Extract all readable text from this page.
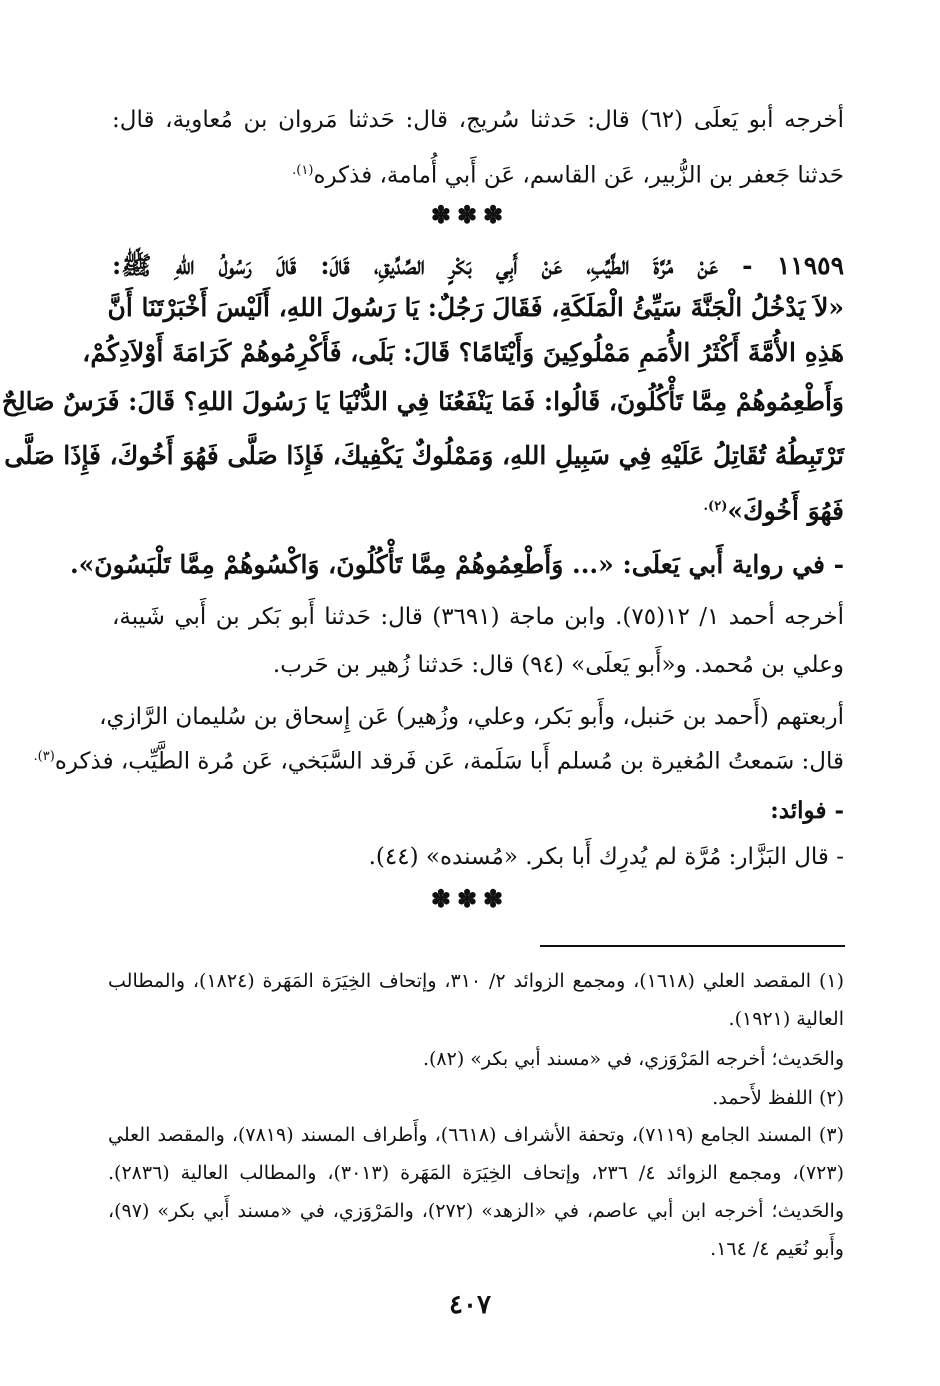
أخرجه أبو يَعلَى (٦٢) قال: حَدثنا سُريج، قال: حَدثنا مَروان بن مُعاوية، قال:
حَدثنا جَعفر بن الزُّبير، عَن القاسم، عَن أَبي أُمامة، فذكره$^{(١).}$
✽✽✽
١١٩٥٩ - عَنْ مُرَّةَ الطَّيِّبِ، عَنْ أَبِي بَكْرٍ الصِّدِّيقِ، قَالَ: قَالَ رَسُولُ اللهِ ﷺ:
«لاَ يَدْخُلُ الْجَنَّةَ سَيِّئُ الْمَلَكَةِ، فَقَالَ رَجُلٌ: يَا رَسُولَ اللهِ، أَلَيْسَ أَخْبَرْتَنَا أَنَّ
هَذِهِ الأُمَّةَ أَكْثَرُ الأُمَمِ مَمْلُوكِينَ وَأَيْتَامًا؟ قَالَ: بَلَى، فَأَكْرِمُوهُمْ كَرَامَةَ أَوْلاَدِكُمْ،
وَأَطْعِمُوهُمْ مِمَّا تَأْكُلُونَ، قَالُوا: فَمَا يَنْفَعُنَا فِي الدُّنْيَا يَا رَسُولَ اللهِ؟ قَالَ: فَرَسٌ صَالِحٌ
تَرْتَبِطُهُ تُقَاتِلُ عَلَيْهِ فِي سَبِيلِ اللهِ، وَمَمْلُوكٌ يَكْفِيكَ، فَإِذَا صَلَّى فَهُوَ أَخُوكَ، فَإِذَا صَلَّى
فَهُوَ أَخُوكَ»$^{(٢).}$
- في رواية أَبي يَعلَى: «... وَأَطْعِمُوهُمْ مِمَّا تَأْكُلُونَ، وَاكْسُوهُمْ مِمَّا تَلْبَسُونَ».
أخرجه أحمد ١/ ١٢(٧٥). وابن ماجة (٣٦٩١) قال: حَدثنا أَبو بَكر بن أَبي شَيبة،
وعلي بن مُحمد. و«أَبو يَعلَى» (٩٤) قال: حَدثنا زُهير بن حَرب.
أربعتهم (أَحمد بن حَنبل، وأَبو بَكر، وعلي، وزُهير) عَن إِسحاق بن سُليمان الرَّازي،
قال: سَمعتُ المُغيرة بن مُسلم أَبا سَلَمة، عَن فَرقد السَّبَخي، عَن مُرة الطَّيِّب، فذكره$^{(٣).}$
- فوائد:
- قال البَزَّار: مُرَّة لم يُدرِك أَبا بكر. «مُسنده» (٤٤).
✽✽✽
(١) المقصد العلي (١٦١٨)، ومجمع الزوائد ٢/ ٣١٠، وإتحاف الخِيَرَة المَهَرة (١٨٢٤)، والمطالب
العالية (١٩٢١).
والحَديث؛ أخرجه المَرْوَزي، في «مسند أبي بكر» (٨٢).
(٢) اللفظ لأَحمد.
(٣) المسند الجامع (٧١١٩)، وتحفة الأشراف (٦٦١٨)، وأَطراف المسند (٧٨١٩)، والمقصد العلي
(٧٢٣)، ومجمع الزوائد ٤/ ٢٣٦، وإتحاف الخِيَرَة المَهَرة (٣٠١٣)، والمطالب العالية (٢٨٣٦).
والحَديث؛ أخرجه ابن أبي عاصم، في «الزهد» (٢٧٢)، والمَرْوَزي، في «مسند أَبي بكر» (٩٧)،
وأَبو نُعَيم ٤/ ١٦٤.
٤٠٧
